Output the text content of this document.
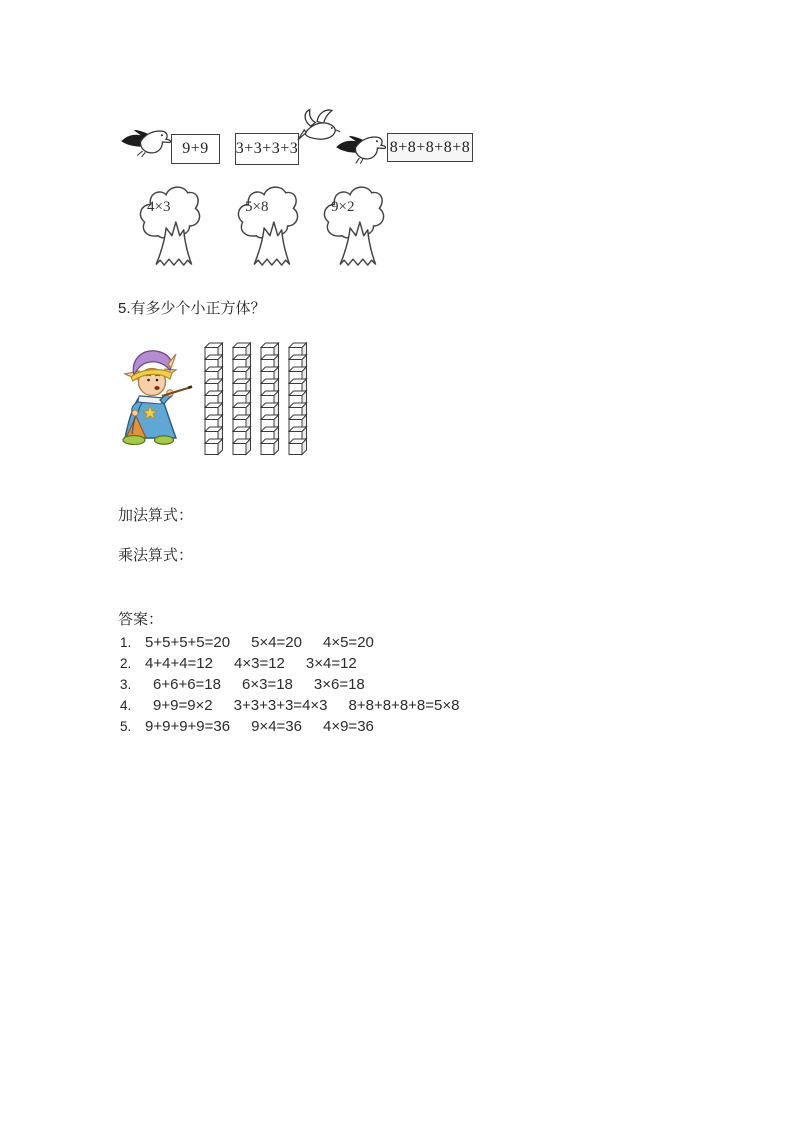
9+9 3+3+3+3	8+8+8+8+8
4×3	5×8	9×2
5.有多少个小正方体？
加法算式：
乘法算式：
答案：
1. 5+5+5+5=20 5×4=20 4×5=20
2. 4+4+4=12 4×3=12 3×4=12
3.	6+6+6=18 6×3=18 3×6=18
4.	9+9=9×2 3+3+3+3=4×3 8+8+8+8+8=5×8
5. 9+9+9+9=36 9×4=36 4×9=36
